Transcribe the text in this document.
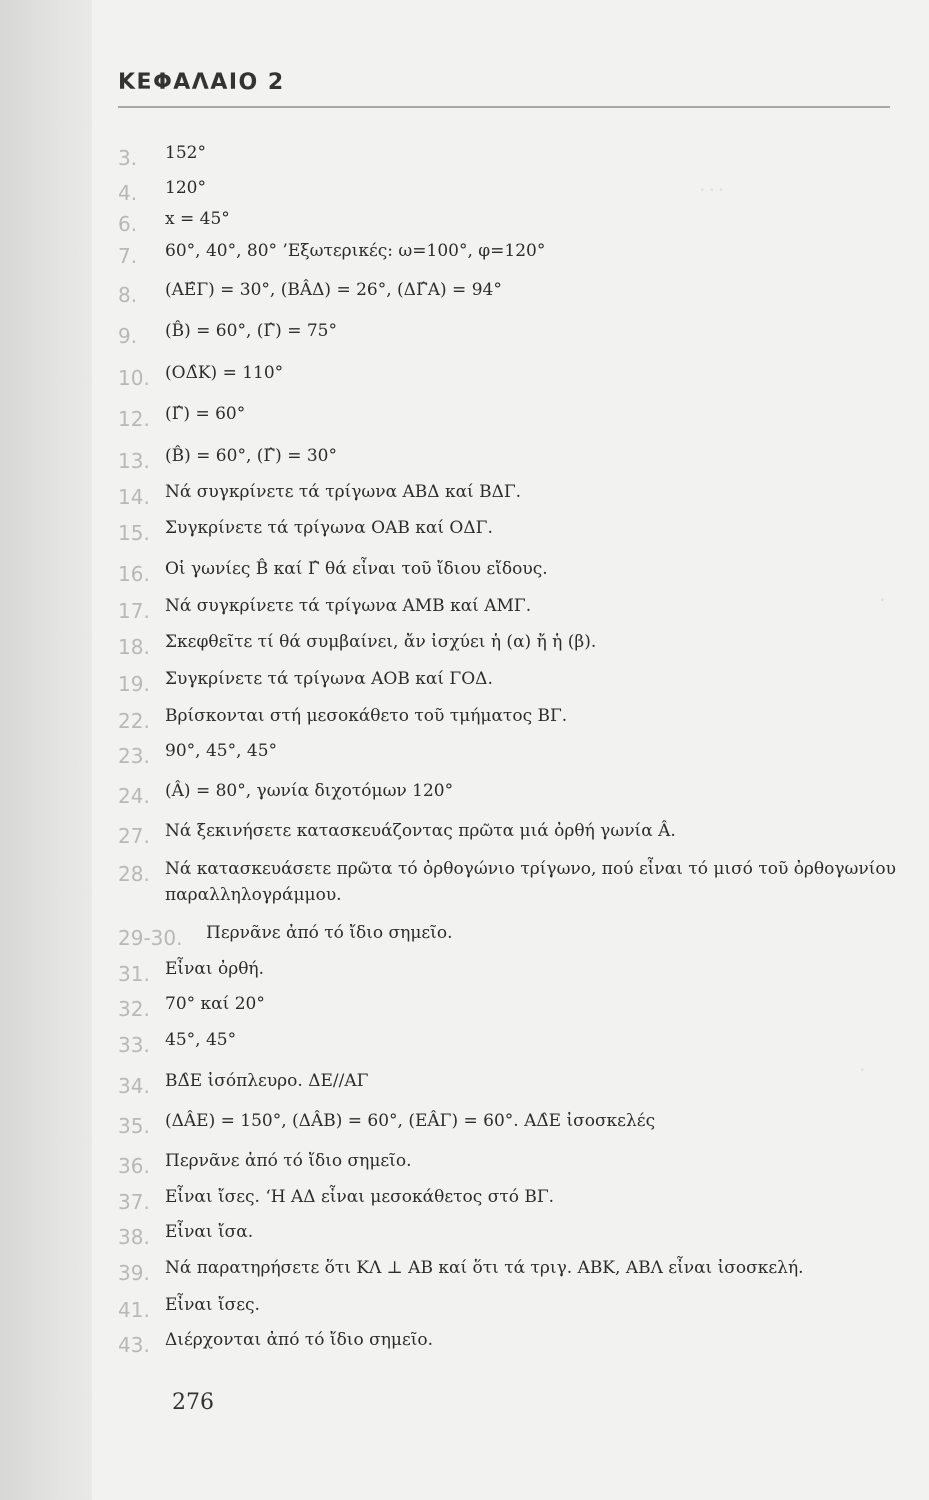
ꞏ ꞏ ꞏ
ꞏ
ꞏ
ΚΕΦΑΛΑΙΟ 2
3. 152°
4. 120°
6. x = 45°
7. 60°, 40°, 80° ’Εξωτερικές: ω=100°, φ=120°
8. (ΑΕ̂Γ) = 30°, (ΒÂΔ) = 26°, (ΔΓ̂Α) = 94°
9. (B̂) = 60°, (Γ̂) = 75°
10. (ΟΔ̂Κ) = 110°
12. (Γ̂) = 60°
13. (B̂) = 60°, (Γ̂) = 30°
14. Νά συγκρίνετε τά τρίγωνα ΑΒΔ καί ΒΔΓ.
15. Συγκρίνετε τά τρίγωνα ΟΑΒ καί ΟΔΓ.
16. Οἱ γωνίες B̂ καί Γ̂ θά εἶναι τοῦ ἴδιου εἴδους.
17. Νά συγκρίνετε τά τρίγωνα ΑΜΒ καί ΑΜΓ.
18. Σκεφθεῖτε τί θά συμβαίνει, ἄν ἰσχύει ἡ (α) ἤ ἡ (β).
19. Συγκρίνετε τά τρίγωνα ΑΟΒ καί ΓΟΔ.
22. Βρίσκονται στή μεσοκάθετο τοῦ τμήματος ΒΓ.
23. 90°, 45°, 45°
24. (Â) = 80°, γωνία διχοτόμων 120°
27. Νά ξεκινήσετε κατασκευάζοντας πρῶτα μιά ὀρθή γωνία Â.
28. Νά κατασκευάσετε πρῶτα τό ὀρθογώνιο τρίγωνο, πού εἶναι τό μισό τοῦ ὀρθογωνίου παραλληλογράμμου.
29-30. Περνᾶνε ἀπό τό ἴδιο σημεῖο.
31. Εἶναι ὀρθή.
32. 70° καί 20°
33. 45°, 45°
34. ΒΔ̂Ε ἰσόπλευρο. ΔΕ//ΑΓ
35. (ΔÂΕ) = 150°, (ΔÂΒ) = 60°, (ΕÂΓ) = 60°. ΑΔ̂Ε ἰσοσκελές
36. Περνᾶνε ἀπό τό ἴδιο σημεῖο.
37. Εἶναι ἴσες. ‘Η ΑΔ εἶναι μεσοκάθετος στό ΒΓ.
38. Εἶναι ἴσα.
39. Νά παρατηρήσετε ὅτι ΚΛ ⊥ ΑΒ καί ὅτι τά τριγ. ΑΒΚ, ΑΒΛ εἶναι ἰσοσκελή.
41. Εἶναι ἴσες.
43. Διέρχονται ἀπό τό ἴδιο σημεῖο.
276
